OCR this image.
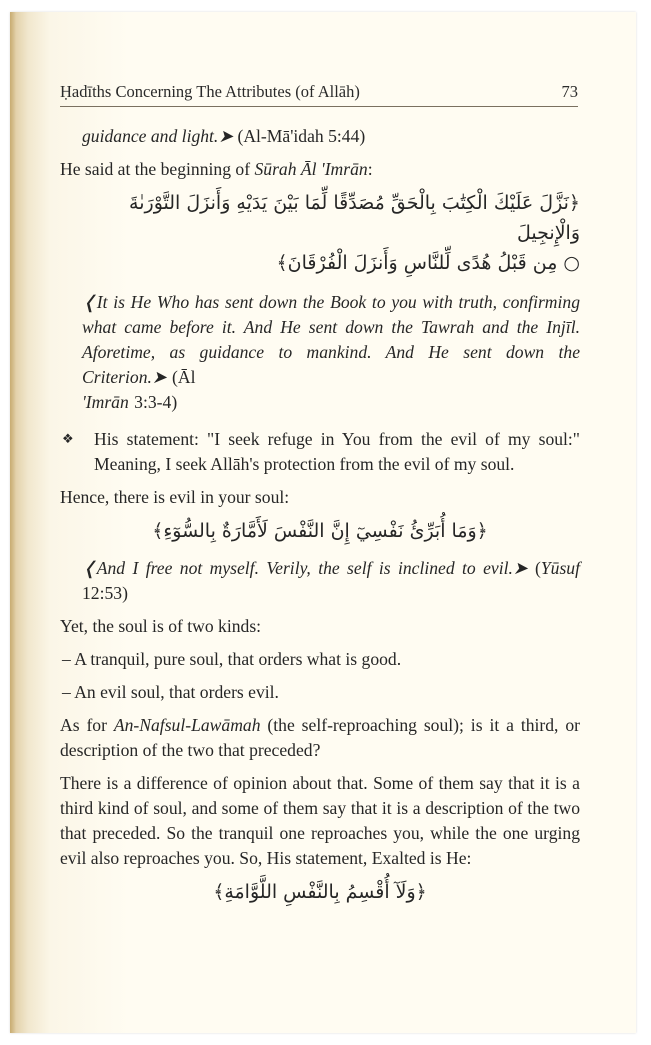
Ḥadīths Concerning The Attributes (of Allāh)	73

guidance and light.➤ (Al-Mā'idah 5:44)

He said at the beginning of Sūrah Āl 'Imrān:

﴿نَزَّلَ عَلَيْكَ الْكِتَٰبَ بِالْحَقِّ مُصَدِّقًا لِّمَا بَيْنَ يَدَيْهِ وَأَنزَلَ التَّوْرَىٰةَ وَالْإِنجِيلَ
○ مِن قَبْلُ هُدًى لِّلنَّاسِ وَأَنزَلَ الْفُرْقَانَ﴾

❬It is He Who has sent down the Book to you with truth, confirming what came before it. And He sent down the Tawrah and the Injīl. Aforetime, as guidance to mankind. And He sent down the Criterion.➤ (Āl
'Imrān 3:3-4)

❖ His statement: "I seek refuge in You from the evil of my soul:" Meaning, I seek Allāh's protection from the evil of my soul.

Hence, there is evil in your soul:

﴿وَمَا أُبَرِّئُ نَفْسِيٓ إِنَّ النَّفْسَ لَأَمَّارَةٌ بِالسُّوٓءِ﴾

❬And I free not myself. Verily, the self is inclined to evil.➤ (Yūsuf 12:53)

Yet, the soul is of two kinds:

– A tranquil, pure soul, that orders what is good.

– An evil soul, that orders evil.

As for An-Nafsul-Lawāmah (the self-reproaching soul); is it a third, or description of the two that preceded?

There is a difference of opinion about that. Some of them say that it is a third kind of soul, and some of them say that it is a description of the two that preceded. So the tranquil one reproaches you, while the one urging evil also reproaches you. So, His statement, Exalted is He:

﴿وَلَآ أُقْسِمُ بِالنَّفْسِ اللَّوَّامَةِ﴾
